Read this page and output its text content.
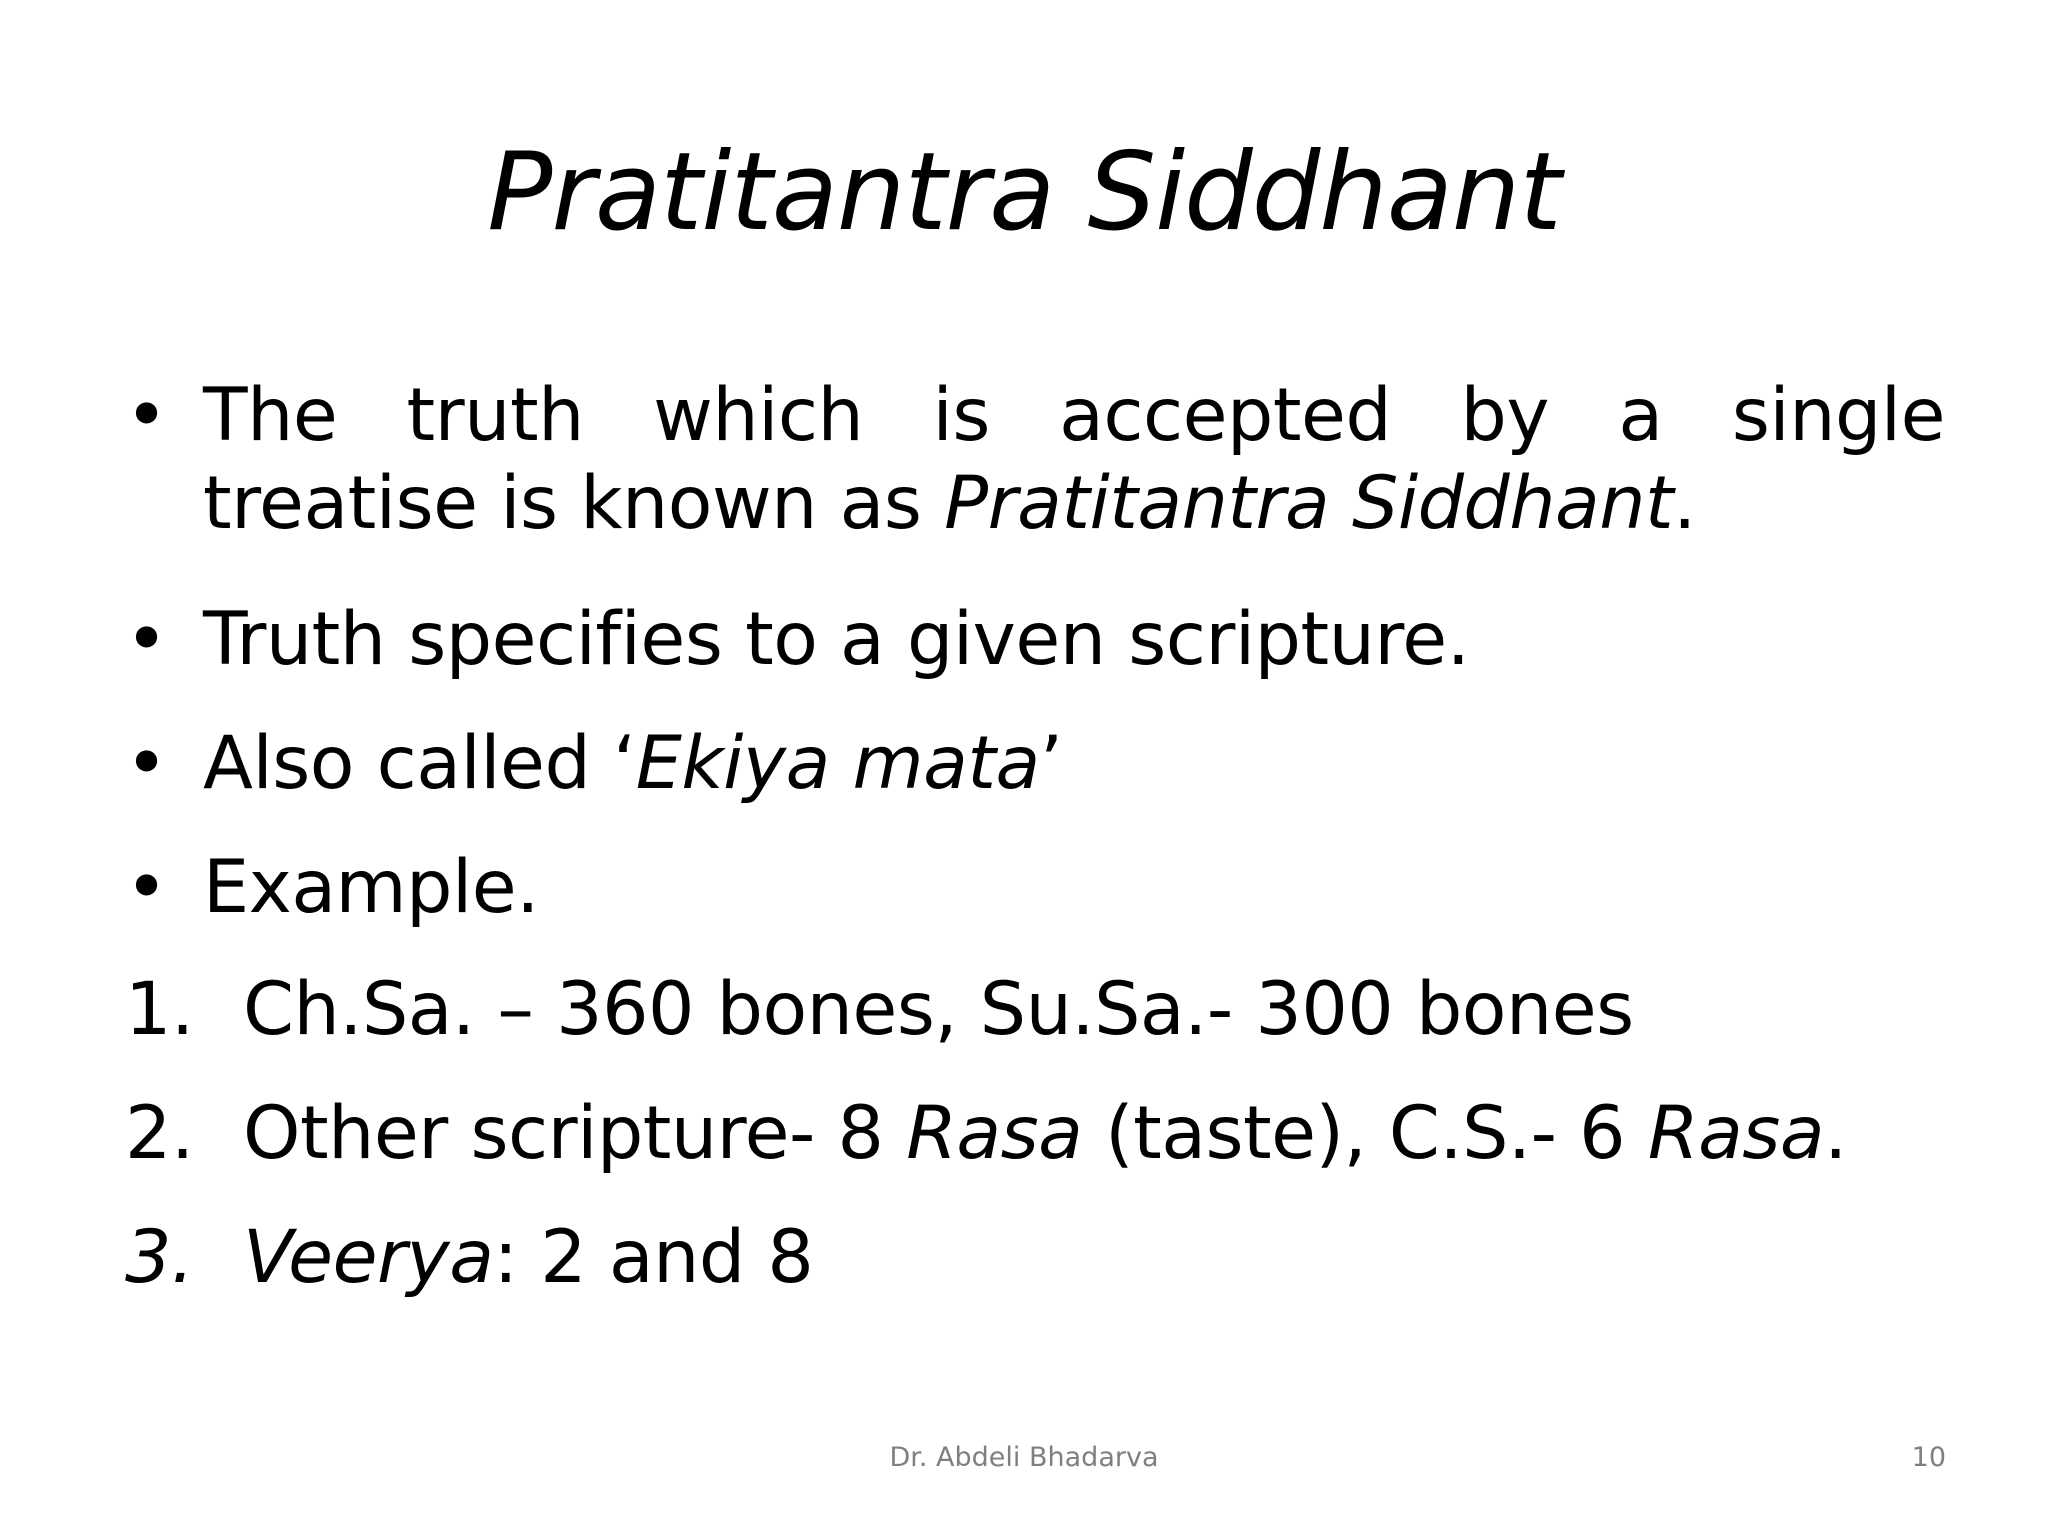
Pratitantra Siddhant
• The truth which is accepted by a single
treatise is known as Pratitantra Siddhant.
• Truth specifies to a given scripture.
• Also called ‘Ekiya mata’
• Example.
1. Ch.Sa. – 360 bones, Su.Sa.- 300 bones
2. Other scripture- 8 Rasa (taste), C.S.- 6 Rasa.
3. Veerya: 2 and 8
Dr. Abdeli Bhadarva	10
